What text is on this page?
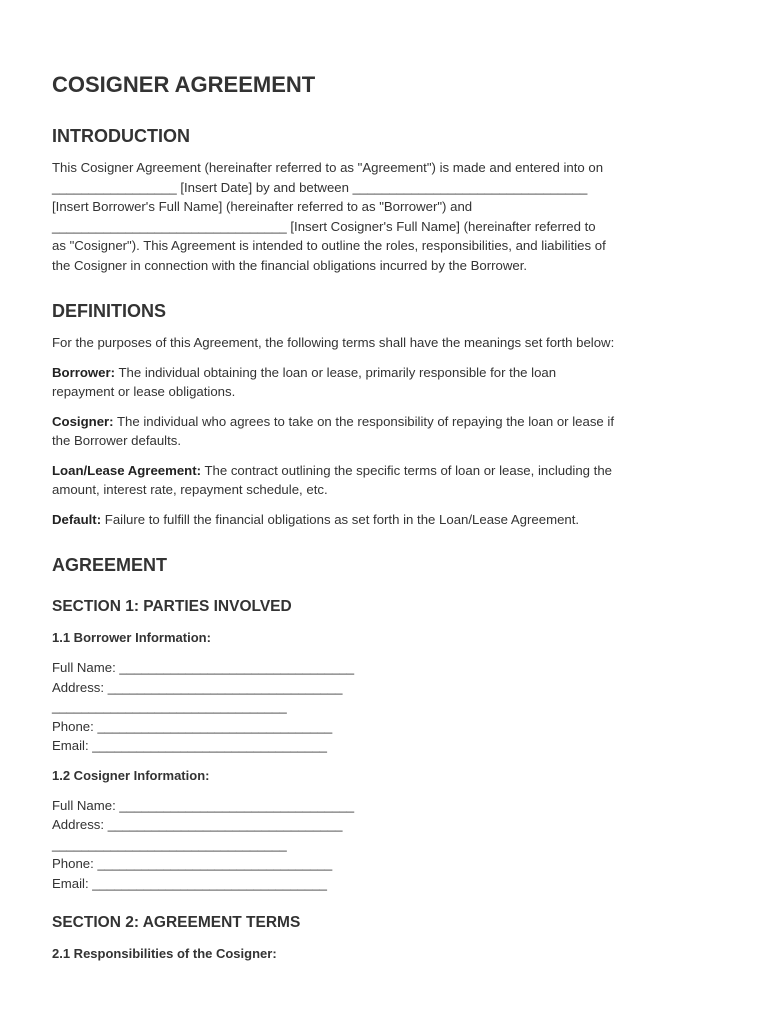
COSIGNER AGREEMENT
INTRODUCTION

This Cosigner Agreement (hereinafter referred to as "Agreement") is made and entered into on

_________________ [Insert Date] by and between ________________________________

[Insert Borrower's Full Name] (hereinafter referred to as "Borrower") and

________________________________ [Insert Cosigner's Full Name] (hereinafter referred to

as "Cosigner"). This Agreement is intended to outline the roles, responsibilities, and liabilities of

the Cosigner in connection with the financial obligations incurred by the Borrower.

DEFINITIONS

For the purposes of this Agreement, the following terms shall have the meanings set forth below:

Borrower: The individual obtaining the loan or lease, primarily responsible for the loan

repayment or lease obligations.

Cosigner: The individual who agrees to take on the responsibility of repaying the loan or lease if

the Borrower defaults.

Loan/Lease Agreement: The contract outlining the specific terms of loan or lease, including the

amount, interest rate, repayment schedule, etc.

Default: Failure to fulfill the financial obligations as set forth in the Loan/Lease Agreement.

AGREEMENT
SECTION 1: PARTIES INVOLVED
1.1 Borrower Information:

Full Name: ________________________________

Address: ________________________________

________________________________

Phone: ________________________________

Email: ________________________________

1.2 Cosigner Information:

Full Name: ________________________________

Address: ________________________________

________________________________

Phone: ________________________________

Email: ________________________________

SECTION 2: AGREEMENT TERMS
2.1 Responsibilities of the Cosigner:
